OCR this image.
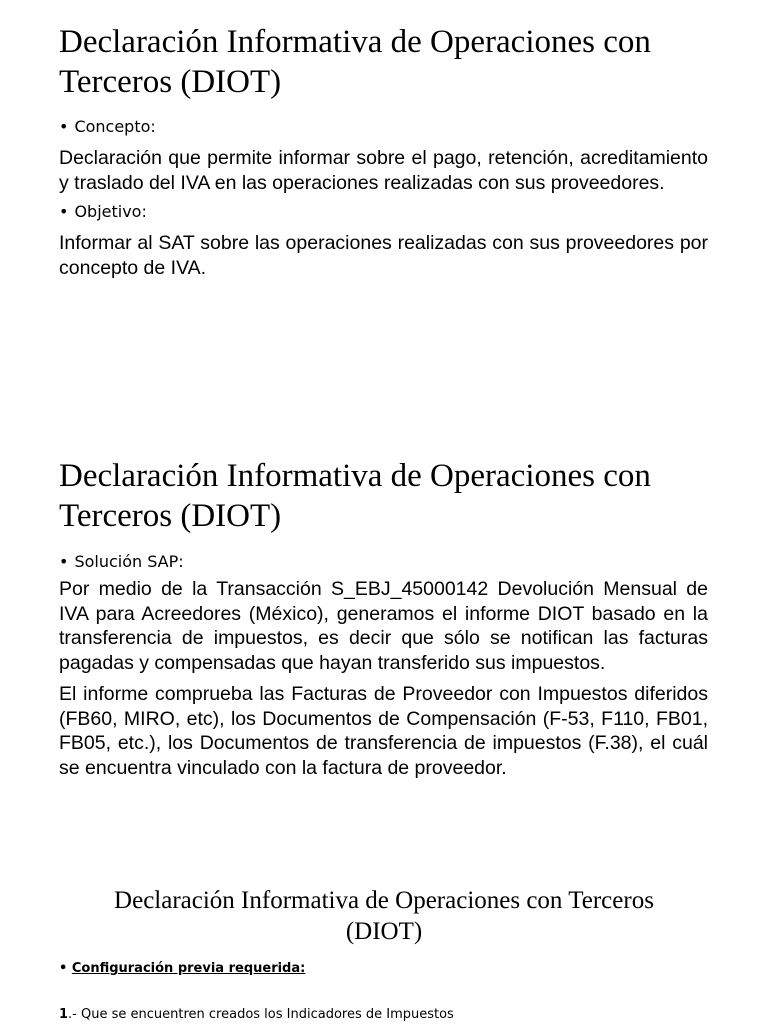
Declaración Informativa de Operaciones con
Terceros (DIOT)
• Concepto:

Declaración que permite informar sobre el pago, retención, acreditamiento y traslado del IVA en las operaciones realizadas con sus proveedores.

• Objetivo:

Informar al SAT sobre las operaciones realizadas con sus proveedores por concepto de IVA.

Declaración Informativa de Operaciones con
Terceros (DIOT)
• Solución SAP:

Por medio de la Transacción S_EBJ_45000142 Devolución Mensual de IVA para Acreedores (México), generamos el informe DIOT basado en la transferencia de impuestos, es decir que sólo se notifican las facturas pagadas y compensadas que hayan transferido sus impuestos.

El informe comprueba las Facturas de Proveedor con Impuestos diferidos (FB60, MIRO, etc), los Documentos de Compensación (F-53, F110, FB01, FB05, etc.), los Documentos de transferencia de impuestos (F.38), el cuál se encuentra vinculado con la factura de proveedor.

Declaración Informativa de Operaciones con Terceros
(DIOT)
• Configuración previa requerida:
1.- Que se encuentren creados los Indicadores de Impuestos
